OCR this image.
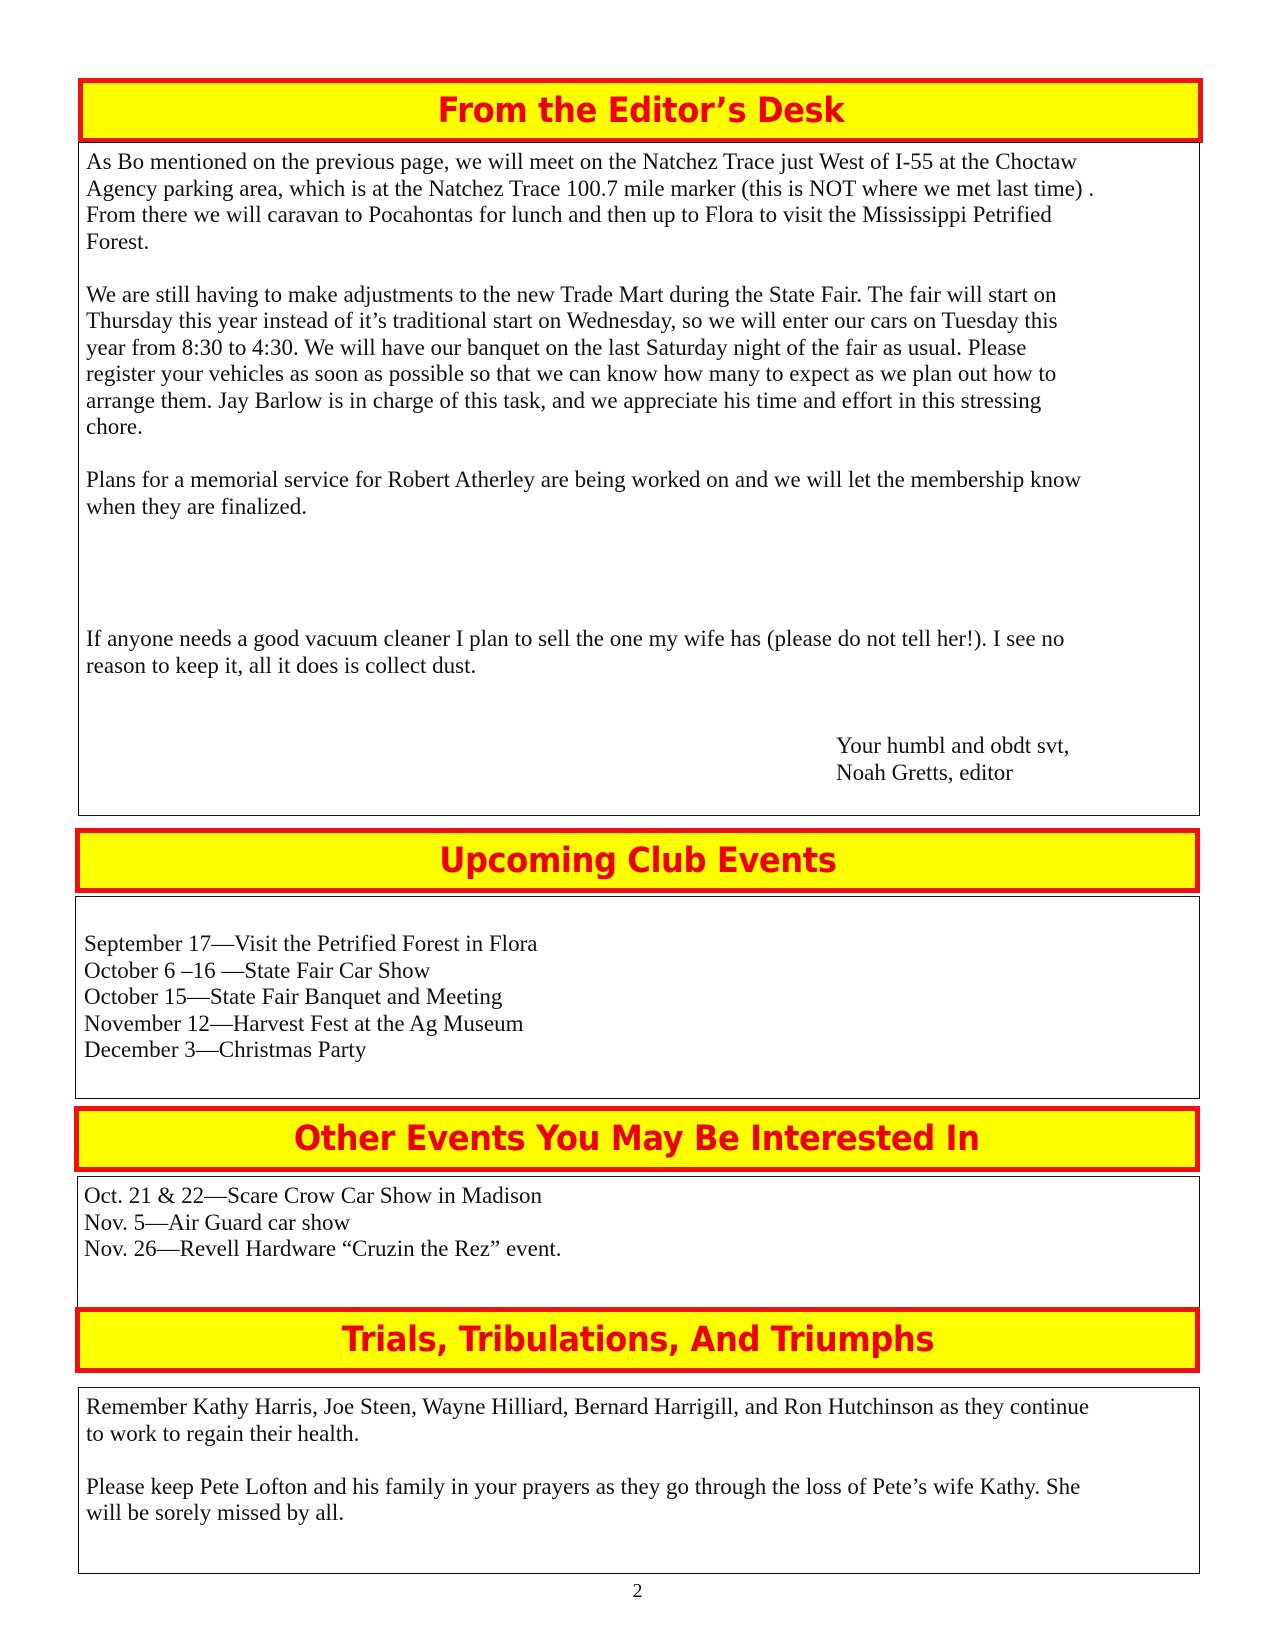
From the Editor’s Desk

As Bo mentioned on the previous page, we will meet on the Natchez Trace just West of I-55 at the Choctaw
Agency parking area, which is at the Natchez Trace 100.7 mile marker (this is NOT where we met last time) .
From there we will caravan to Pocahontas for lunch and then up to Flora to visit the Mississippi Petrified
Forest.

We are still having to make adjustments to the new Trade Mart during the State Fair. The fair will start on
Thursday this year instead of it’s traditional start on Wednesday, so we will enter our cars on Tuesday this
year from 8:30 to 4:30. We will have our banquet on the last Saturday night of the fair as usual. Please
register your vehicles as soon as possible so that we can know how many to expect as we plan out how to
arrange them. Jay Barlow is in charge of this task, and we appreciate his time and effort in this stressing
chore.

Plans for a memorial service for Robert Atherley are being worked on and we will let the membership know
when they are finalized.

If anyone needs a good vacuum cleaner I plan to sell the one my wife has (please do not tell her!). I see no
reason to keep it, all it does is collect dust.

Your humbl and obdt svt,
Noah Gretts, editor
Upcoming Club Events
September 17—Visit the Petrified Forest in Flora
October 6 –16 —State Fair Car Show
October 15—State Fair Banquet and Meeting
November 12—Harvest Fest at the Ag Museum
December 3—Christmas Party
Other Events You May Be Interested In
Oct. 21 & 22—Scare Crow Car Show in Madison
Nov. 5—Air Guard car show
Nov. 26—Revell Hardware “Cruzin the Rez” event.
Trials, Tribulations, And Triumphs

Remember Kathy Harris, Joe Steen, Wayne Hilliard, Bernard Harrigill, and Ron Hutchinson as they continue
to work to regain their health.

Please keep Pete Lofton and his family in your prayers as they go through the loss of Pete’s wife Kathy. She
will be sorely missed by all.

2
